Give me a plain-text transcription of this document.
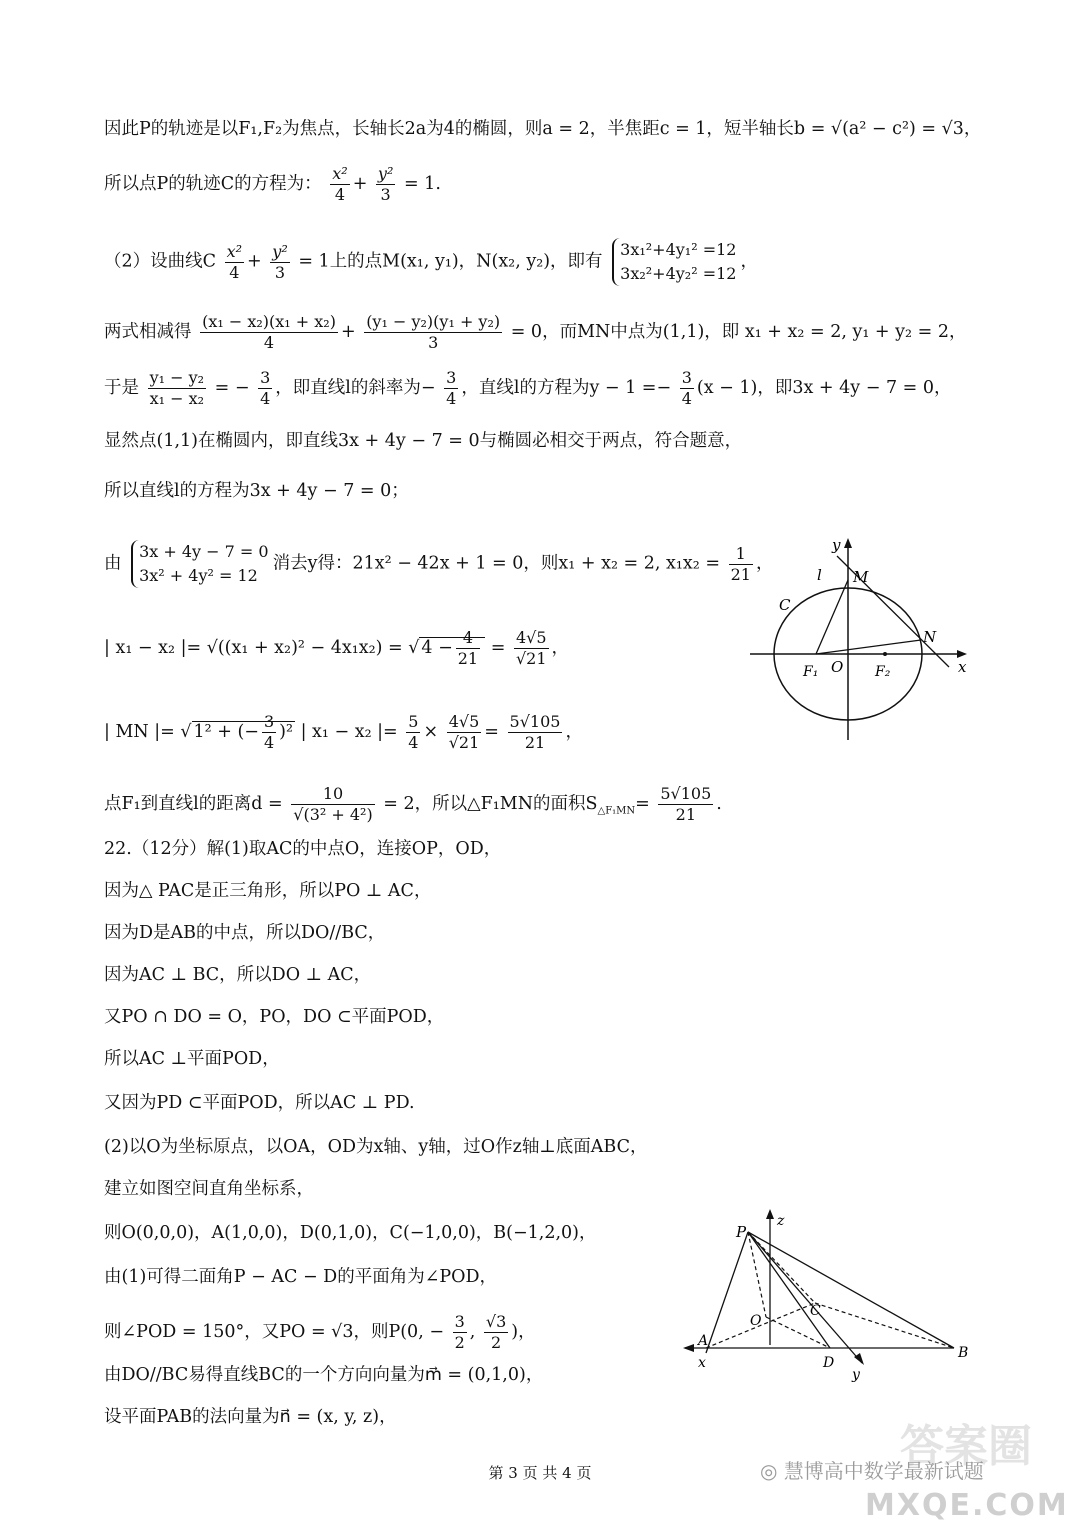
因此P的轨迹是以F₁,F₂为焦点，长轴长2a为4的椭圆，则a = 2，半焦距c = 1，短半轴长b = √(a² − c²) = √3，
所以点P的轨迹C的方程为： $\frac{\text{x²}}{4} + \frac{\text{y²}}{3} = 1$.
（2）设曲线C $\frac{\text{x²}}{4} + \frac{\text{y²}}{3} = 1$上的点M(x₁, y₁)，N(x₂, y₂)，即有
3x₁²+4y₁² =12
3x₂²+4y₂² =12
，
两式相减得 $\frac{\text{(x₁ − x₂)(x₁ + x₂)}}{4} + \frac{\text{(y₁ − y₂)(y₁ + y₂)}}{3} = 0$，而MN中点为(1,1)，即 x₁ + x₂ = 2, y₁ + y₂ = 2，
于是 $\frac{\text{y₁ − y₂}}{\text{x₁ − x₂}}$ = − $\frac{3}{4}$ ，即直线l的斜率为− $\frac{3}{4}$ ，直线l的方程为$y - 1 =- \frac{3}{4} (x - 1)$，即3x + 4y − 7 = 0，
显然点(1,1)在椭圆内，即直线3x + 4y − 7 = 0与椭圆必相交于两点，符合题意，
所以直线l的方程为3x + 4y − 7 = 0；
由
3x + 4y − 7 = 0
3x² + 4y² = 12
消去y得：21x² − 42x + 1 = 0，则x₁ + x₂ = 2, $x_1x_2 = \frac{1}{21}$ ，
| x₁ − x₂ |= √((x₁ + x₂)² − 4x₁x₂) = √ $4 - \frac{4}{21} = \frac{4√5}{√21}$ ，
| MN |= √ 1² + (− $\frac{3}{4} )^2$ | x₁ − x₂ |= $\frac{5}{4} \times \frac{4√5}{√21} = \frac{5√105}{21}$ ，
点F₁到直线l的距离$d = \frac{10}{\text{√(3² + 4²)}} = 2$，所以△F₁MN的面积$S_{\triangle F_1MN}= \frac{5√105}{21}$ .
22.（12分）解(1)取AC的中点O，连接OP，OD，
因为△ PAC是正三角形，所以PO ⊥ AC，
因为D是AB的中点，所以DO//BC，
因为AC ⊥ BC，所以DO ⊥ AC，
又PO ∩ DO = O，PO，DO ⊂平面POD，
所以AC ⊥平面POD，
又因为PD ⊂平面POD，所以AC ⊥ PD.
(2)以O为坐标原点，以OA，OD为x轴、y轴，过O作z轴⊥底面ABC，
建立如图空间直角坐标系，
则O(0,0,0)，A(1,0,0)，D(0,1,0)，C(−1,0,0)，B(−1,2,0)，
由(1)可得二面角P − AC − D的平面角为∠POD，
则∠POD = 150°，又PO = √3，则P(0, − $\frac{3}{2}$ , $\frac{√3}{2}$ )，
由DO//BC易得直线BC的一个方向向量为m⃗ = (0,1,0)，
设平面PAB的法向量为n⃗ = (x, y, z)，
y
x
l M
N
C
F₁ O F₂
P
z
C
O
A
x	D
y
B
第 3 页 共 4 页
答案圈
◎ 慧博高中数学最新试题
MXQE.COM
